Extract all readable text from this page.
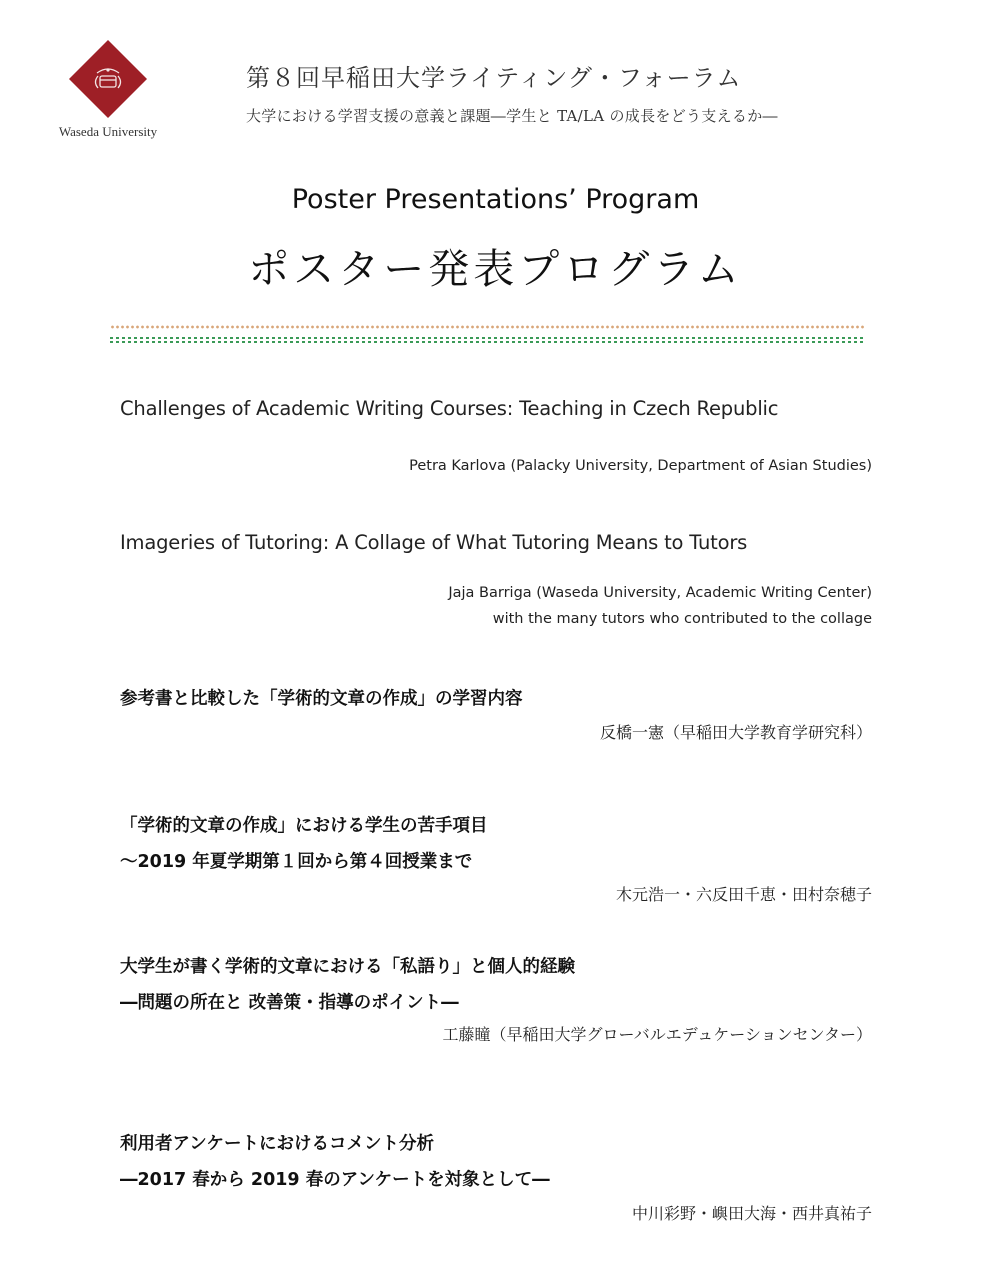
Waseda University
第８回早稲田大学ライティング・フォーラム
大学における学習支援の意義と課題―学生と TA/LA の成長をどう支えるか―
Poster Presentations’ Program
ポスター発表プログラム
Challenges of Academic Writing Courses: Teaching in Czech Republic
Petra Karlova (Palacky University, Department of Asian Studies)
Imageries of Tutoring: A Collage of What Tutoring Means to Tutors
Jaja Barriga (Waseda University, Academic Writing Center)
with the many tutors who contributed to the collage
参考書と比較した「学術的文章の作成」の学習内容
反橋一憲（早稲田大学教育学研究科）
「学術的文章の作成」における学生の苦手項目
～2019 年夏学期第１回から第４回授業まで
木元浩一・六反田千恵・田村奈穂子
大学生が書く学術的文章における「私語り」と個人的経験
―問題の所在と 改善策・指導のポイント―
工藤瞳（早稲田大学グローバルエデュケーションセンター）
利用者アンケートにおけるコメント分析
―2017 春から 2019 春のアンケートを対象として―
中川彩野・嶼田大海・西井真祐子
